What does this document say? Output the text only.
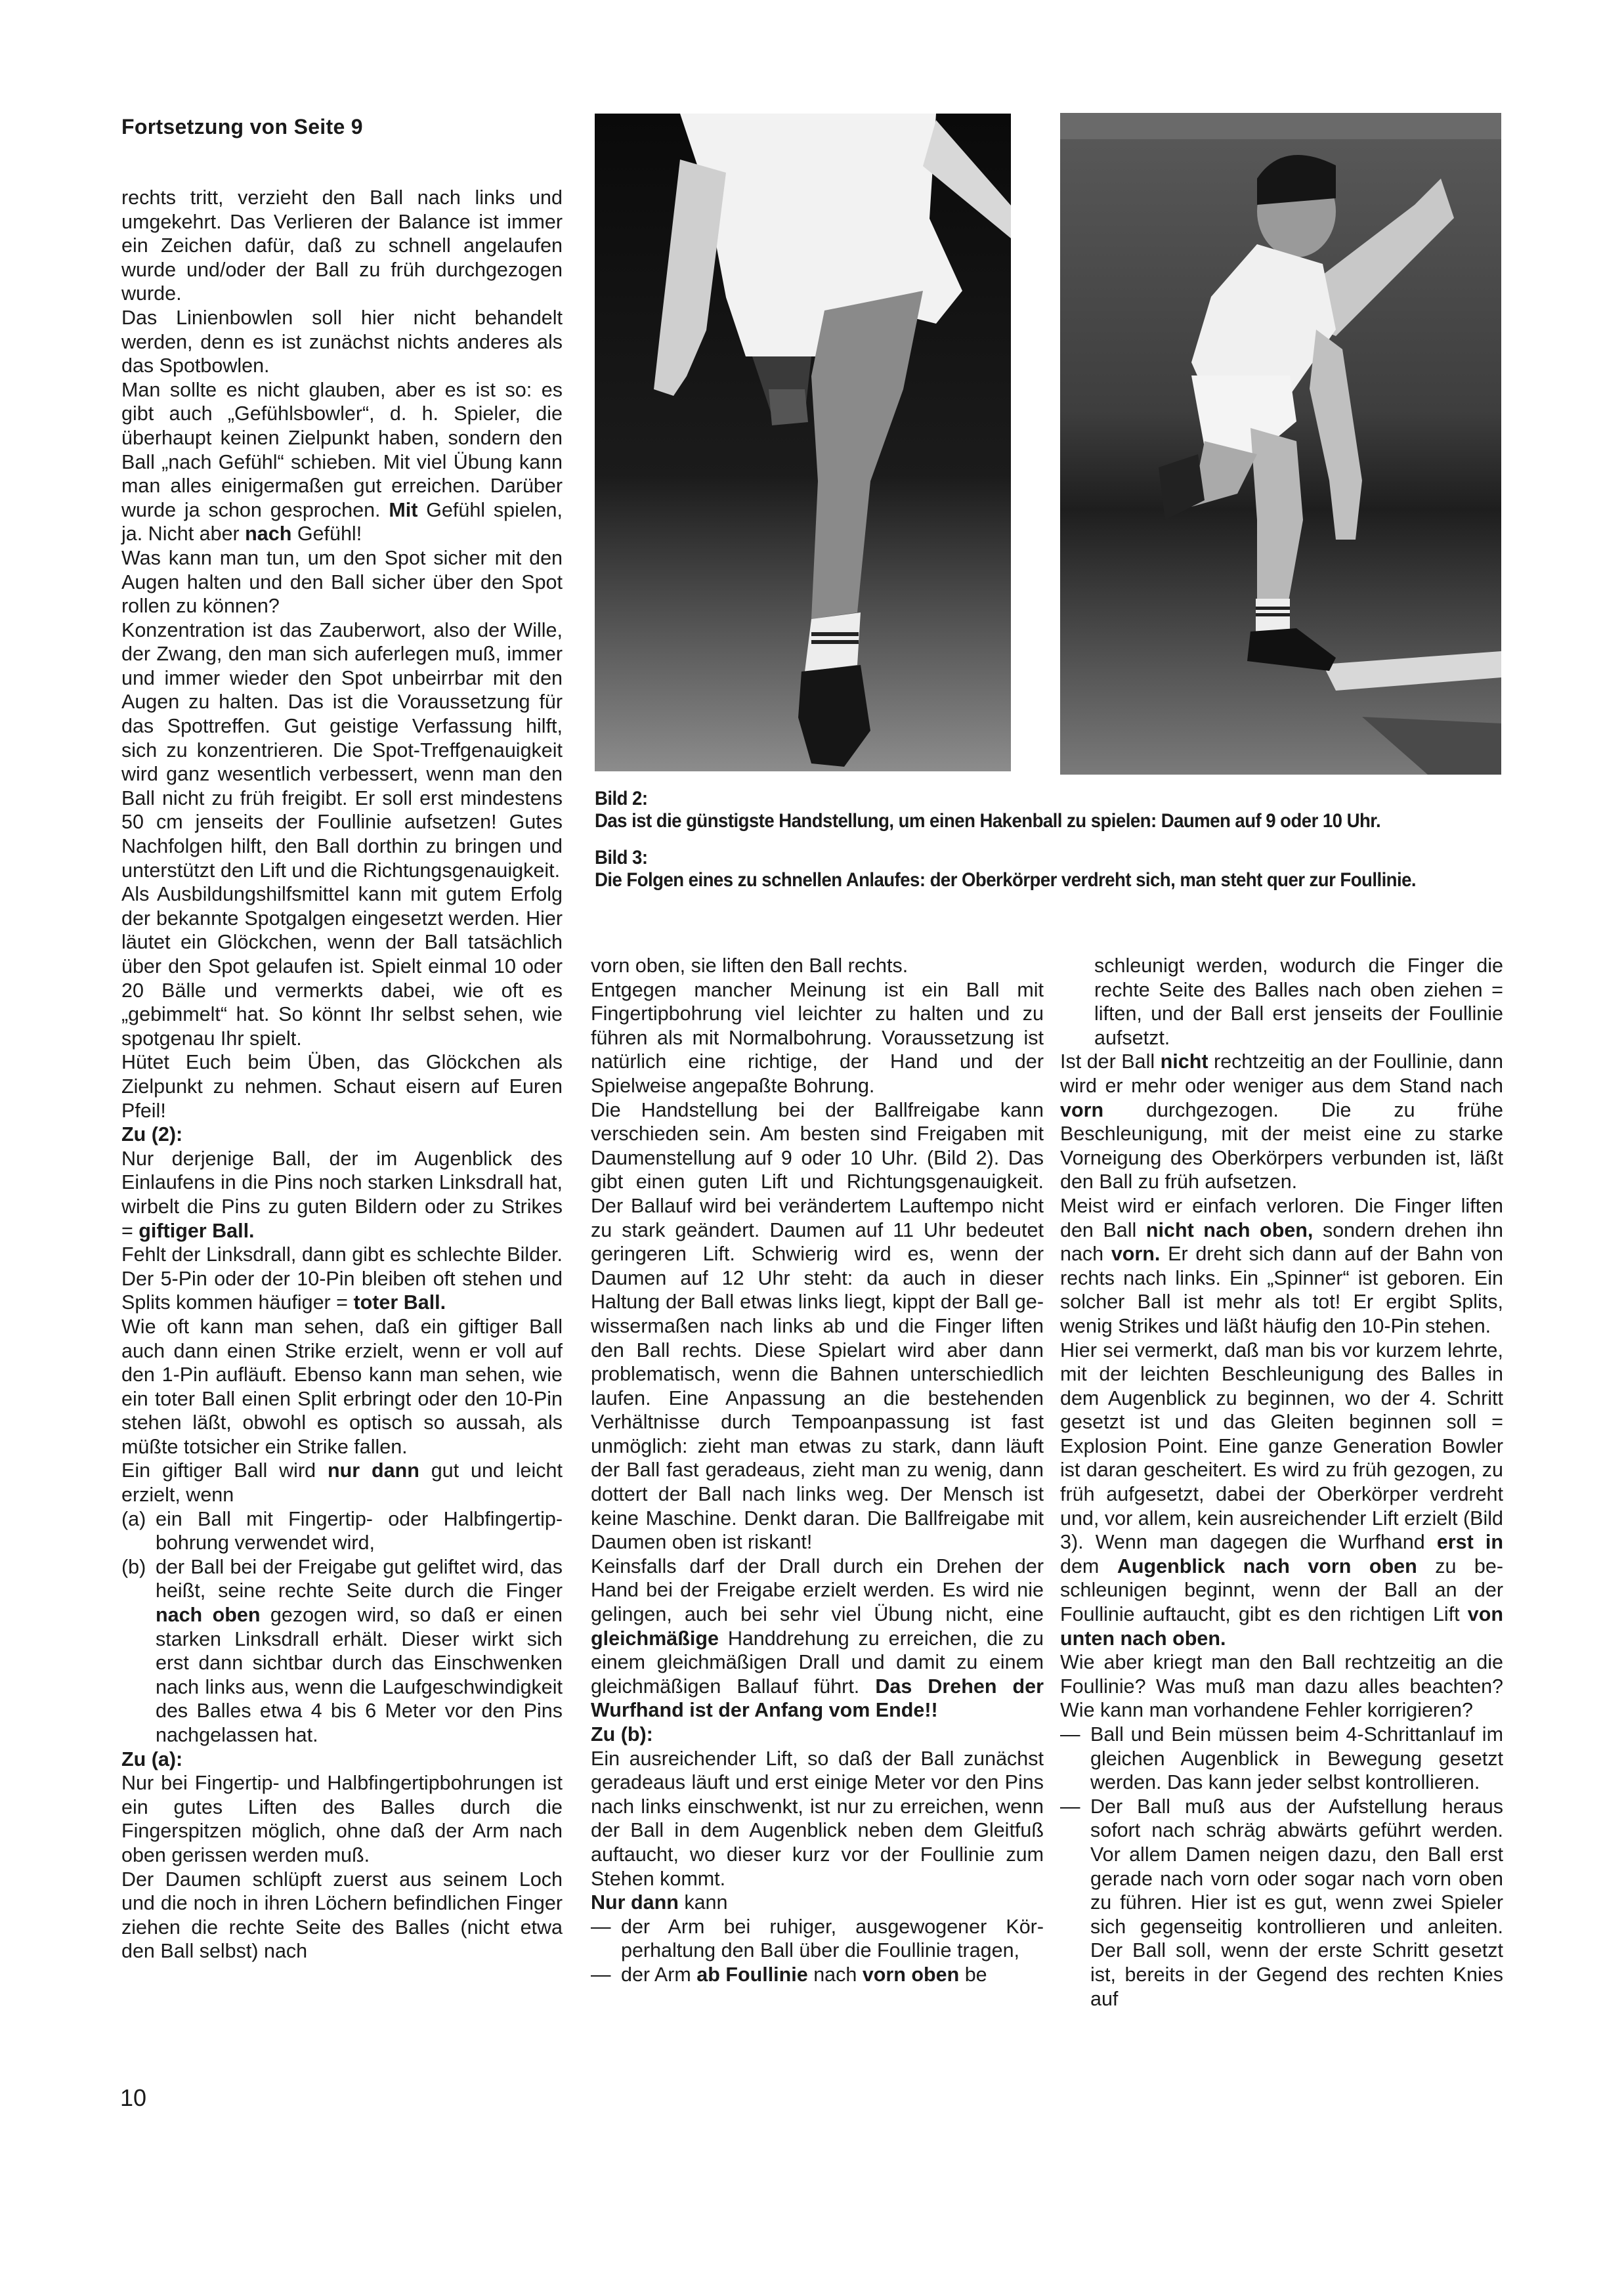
Fortsetzung von Seite 9
Bild 2:
Das ist die günstigste Handstellung, um einen Hakenball zu spielen: Daumen auf 9 oder 10 Uhr.
Bild 3:
Die Folgen eines zu schnellen Anlaufes: der Oberkörper verdreht sich, man steht quer zur Foullinie.

rechts tritt, verzieht den Ball nach links und umgekehrt. Das Verlieren der Balance ist immer ein Zeichen dafür, daß zu schnell angelaufen wurde und/oder der Ball zu früh durchgezogen wurde.

Das Linienbowlen soll hier nicht behandelt werden, denn es ist zunächst nichts anderes als das Spotbowlen.

Man sollte es nicht glauben, aber es ist so: es gibt auch „Gefühlsbowler“, d. h. Spieler, die überhaupt keinen Zielpunkt haben, sondern den Ball „nach Gefühl“ schieben. Mit viel Übung kann man alles einigermaßen gut erreichen. Darüber wurde ja schon gesprochen. Mit Gefühl spielen, ja. Nicht aber nach Gefühl!

Was kann man tun, um den Spot sicher mit den Augen halten und den Ball sicher über den Spot rollen zu können?

Konzentration ist das Zauberwort, also der Wille, der Zwang, den man sich auferlegen muß, immer und immer wieder den Spot unbeirrbar mit den Augen zu halten. Das ist die Voraussetzung für das Spottreffen. Gut geistige Verfassung hilft, sich zu konzentrieren. Die Spot-Treffgenauigkeit wird ganz wesentlich verbessert, wenn man den Ball nicht zu früh freigibt. Er soll erst mindestens 50 cm jenseits der Foullinie aufsetzen! Gutes Nachfolgen hilft, den Ball dorthin zu bringen und unterstützt den Lift und die Richtungsgenauigkeit.

Als Ausbildungshilfsmittel kann mit gutem Erfolg der bekannte Spotgalgen eingesetzt werden. Hier läutet ein Glöckchen, wenn der Ball tatsächlich über den Spot gelaufen ist. Spielt einmal 10 oder 20 Bälle und vermerkts dabei, wie oft es „gebimmelt“ hat. So könnt Ihr selbst sehen, wie spotgenau Ihr spielt.

Hütet Euch beim Üben, das Glöckchen als Zielpunkt zu nehmen. Schaut eisern auf Euren Pfeil!

Zu (2):

Nur derjenige Ball, der im Augenblick des Einlaufens in die Pins noch starken Linksdrall hat, wirbelt die Pins zu guten Bildern oder zu Strikes = giftiger Ball.

Fehlt der Linksdrall, dann gibt es schlechte Bilder. Der 5-Pin oder der 10-Pin bleiben oft stehen und Splits kommen häufiger = toter Ball.

Wie oft kann man sehen, daß ein giftiger Ball auch dann einen Strike erzielt, wenn er voll auf den 1-Pin aufläuft. Ebenso kann man sehen, wie ein toter Ball einen Split erbringt oder den 10-Pin stehen läßt, obwohl es optisch so aussah, als müßte totsicher ein Strike fallen.

Ein giftiger Ball wird nur dann gut und leicht erzielt, wenn

(a) ein Ball mit Fingertip- oder Halbfingertipbohrung verwendet wird,
(b) der Ball bei der Freigabe gut geliftet wird, das heißt, seine rechte Seite durch die Finger nach oben gezogen wird, so daß er einen starken Linksdrall erhält. Dieser wirkt sich erst dann sichtbar durch das Einschwenken nach links aus, wenn die Laufgeschwindigkeit des Balles etwa 4 bis 6 Meter vor den Pins nachgelassen hat.

Zu (a):

Nur bei Fingertip- und Halbfingertipbohrungen ist ein gutes Liften des Balles durch die Fingerspitzen möglich, ohne daß der Arm nach oben gerissen werden muß.

Der Daumen schlüpft zuerst aus seinem Loch und die noch in ihren Löchern befindlichen Finger ziehen die rechte Seite des Balles (nicht etwa den Ball selbst) nach

vorn oben, sie liften den Ball rechts.

Entgegen mancher Meinung ist ein Ball mit Fingertipbohrung viel leichter zu halten und zu führen als mit Normalbohrung. Voraussetzung ist natürlich eine richtige, der Hand und der Spielweise angepaßte Bohrung.

Die Handstellung bei der Ballfreigabe kann verschieden sein. Am besten sind Freigaben mit Daumenstellung auf 9 oder 10 Uhr. (Bild 2). Das gibt einen guten Lift und Richtungsgenauigkeit. Der Ballauf wird bei verändertem Lauftempo nicht zu stark geändert. Daumen auf 11 Uhr bedeutet geringeren Lift. Schwierig wird es, wenn der Daumen auf 12 Uhr steht: da auch in dieser Haltung der Ball etwas links liegt, kippt der Ball gewissermaßen nach links ab und die Finger liften den Ball rechts. Diese Spielart wird aber dann problematisch, wenn die Bahnen unterschiedlich laufen. Eine Anpassung an die bestehenden Verhältnisse durch Tempoanpassung ist fast unmöglich: zieht man etwas zu stark, dann läuft der Ball fast geradeaus, zieht man zu wenig, dann dottert der Ball nach links weg. Der Mensch ist keine Maschine. Denkt daran. Die Ballfreigabe mit Daumen oben ist riskant!

Keinsfalls darf der Drall durch ein Drehen der Hand bei der Freigabe erzielt werden. Es wird nie gelingen, auch bei sehr viel Übung nicht, eine gleichmäßige Handdrehung zu erreichen, die zu einem gleichmäßigen Drall und damit zu einem gleichmäßigen Ballauf führt. Das Drehen der Wurfhand ist der Anfang vom Ende!!

Zu (b):

Ein ausreichender Lift, so daß der Ball zunächst geradeaus läuft und erst einige Meter vor den Pins nach links einschwenkt, ist nur zu erreichen, wenn der Ball in dem Augenblick neben dem Gleitfuß auftaucht, wo dieser kurz vor der Foullinie zum Stehen kommt.

Nur dann kann

— der Arm bei ruhiger, ausgewogener Körperhaltung den Ball über die Foullinie tragen,
— der Arm ab Foullinie nach vorn oben be

schleunigt werden, wodurch die Finger die rechte Seite des Balles nach oben ziehen = liften, und der Ball erst jenseits der Foullinie aufsetzt.

Ist der Ball nicht rechtzeitig an der Foullinie, dann wird er mehr oder weniger aus dem Stand nach vorn durchgezogen. Die zu frühe Beschleunigung, mit der meist eine zu starke Vorneigung des Oberkörpers verbunden ist, läßt den Ball zu früh aufsetzen.

Meist wird er einfach verloren. Die Finger liften den Ball nicht nach oben, sondern drehen ihn nach vorn. Er dreht sich dann auf der Bahn von rechts nach links. Ein „Spinner“ ist geboren. Ein solcher Ball ist mehr als tot! Er ergibt Splits, wenig Strikes und läßt häufig den 10-Pin stehen.

Hier sei vermerkt, daß man bis vor kurzem lehrte, mit der leichten Beschleunigung des Balles in dem Augenblick zu beginnen, wo der 4. Schritt gesetzt ist und das Gleiten beginnen soll = Explosion Point. Eine ganze Generation Bowler ist daran gescheitert. Es wird zu früh gezogen, zu früh aufgesetzt, dabei der Oberkörper verdreht und, vor allem, kein ausreichender Lift erzielt (Bild 3). Wenn man dagegen die Wurfhand erst in dem Augenblick nach vorn oben zu beschleunigen beginnt, wenn der Ball an der Foullinie auftaucht, gibt es den richtigen Lift von unten nach oben.

Wie aber kriegt man den Ball rechtzeitig an die Foullinie? Was muß man dazu alles beachten? Wie kann man vorhandene Fehler korrigieren?

— Ball und Bein müssen beim 4-Schrittanlauf im gleichen Augenblick in Bewegung gesetzt werden. Das kann jeder selbst kontrollieren.
— Der Ball muß aus der Aufstellung heraus sofort nach schräg abwärts geführt werden. Vor allem Damen neigen dazu, den Ball erst gerade nach vorn oder sogar nach vorn oben zu führen. Hier ist es gut, wenn zwei Spieler sich gegenseitig kontrollieren und anleiten. Der Ball soll, wenn der erste Schritt gesetzt ist, bereits in der Gegend des rechten Knies auf
10
